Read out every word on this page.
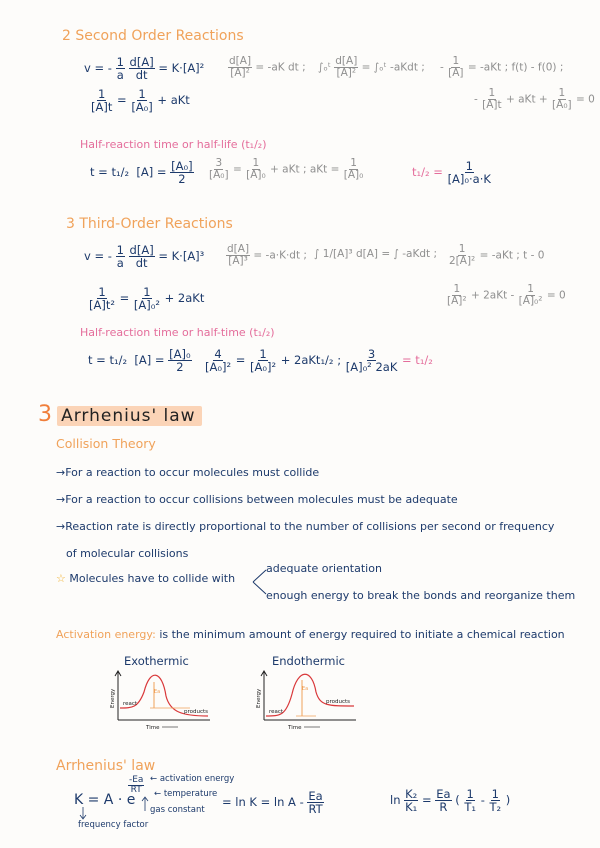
2 Second Order Reactions
v = - $\frac{1}{a}$
$\frac{d[A]}{dt} = K\cdot[A]^2$
$\frac{1}{[A]t} = \frac{1}{\text{[A₀]}}$ + aKt
$\frac{d[A]}{\text{[A]²}} = -aK$ dt ; ∫ₒᵗ $\frac{d[A]}{\text{[A]²}}$ = ∫ₒᵗ -aKdt ; - $\frac{1}{[A]} = -aKt$ ; f(t) - f(0) ;
- $\frac{1}{[A]t}$ + aKt + $\frac{1}{\text{[A₀]}} = 0$
Half-reaction time or half-life (t₁/₂)
t = t₁/₂ $[A] = \frac{\text{[A₀]}}{2} \frac{3}{\text{[A₀]}} = \frac{1}{\text{[A]₀}}$ + aKt ; aKt = $\frac{1}{\text{[A]₀}}$	$t_1/_2 = \frac{1}{\text{[A]₀·a·K}}$
3 Third-Order Reactions
v = - $\frac{1}{a}$
$\frac{d[A]}{dt} = K\cdot[A]^3 \frac{d[A]}{\text{[A]³}} = -a\cdot K\cdot dt$ ; ∫ 1/[A]³ d[A] = ∫ -aKdt ; $\frac{1}{\text{2[A]²}} = -aKt$ ; t - 0
$\frac{1}{\text{[A]t²}} = \frac{1}{\text{[A]₀²}} + 2aKt$	$\frac{1}{\text{[A]²}} + 2aKt - \frac{1}{\text{[A]₀²}} = 0$
Half-reaction time or half-time (t₁/₂)
t = t₁/₂ $[A] = \frac{\text{[A]₀}}{2} \frac{4}{\text{[A₀]²}} = \frac{1}{\text{[A₀]²}} + 2aKt_1/_2$ ; $\frac{3}{\text{[A]₀² 2aK}} = t_1/_2$
3 Arrhenius' law
Collision Theory
→For a reaction to occur molecules must collide
→For a reaction to occur collisions between molecules must be adequate
→Reaction rate is directly proportional to the number of collisions per second or frequency
of molecular collisions
☆ Molecules have to collide with
adequate orientation
enough energy to break the bonds and reorganize them
Activation energy: is the minimum amount of energy required to initiate a chemical reaction
Exothermic
react
products
Ea
Energy
Time
Endothermic
react
products
Ea
Energy
Time
Arrhenius' law
K = A · e
$\frac{-Ea}{RT}$ ← activation energy
← temperature
gas constant
frequency factor
= $\ln K = \ln A - \frac{Ea}{RT}$	$\ln \frac{\text{K₂}}{\text{K₁}} = \frac{Ea}{R}$ ( $\frac{1}{\text{T₁}} - \frac{1}{\text{T₂}}$ )
